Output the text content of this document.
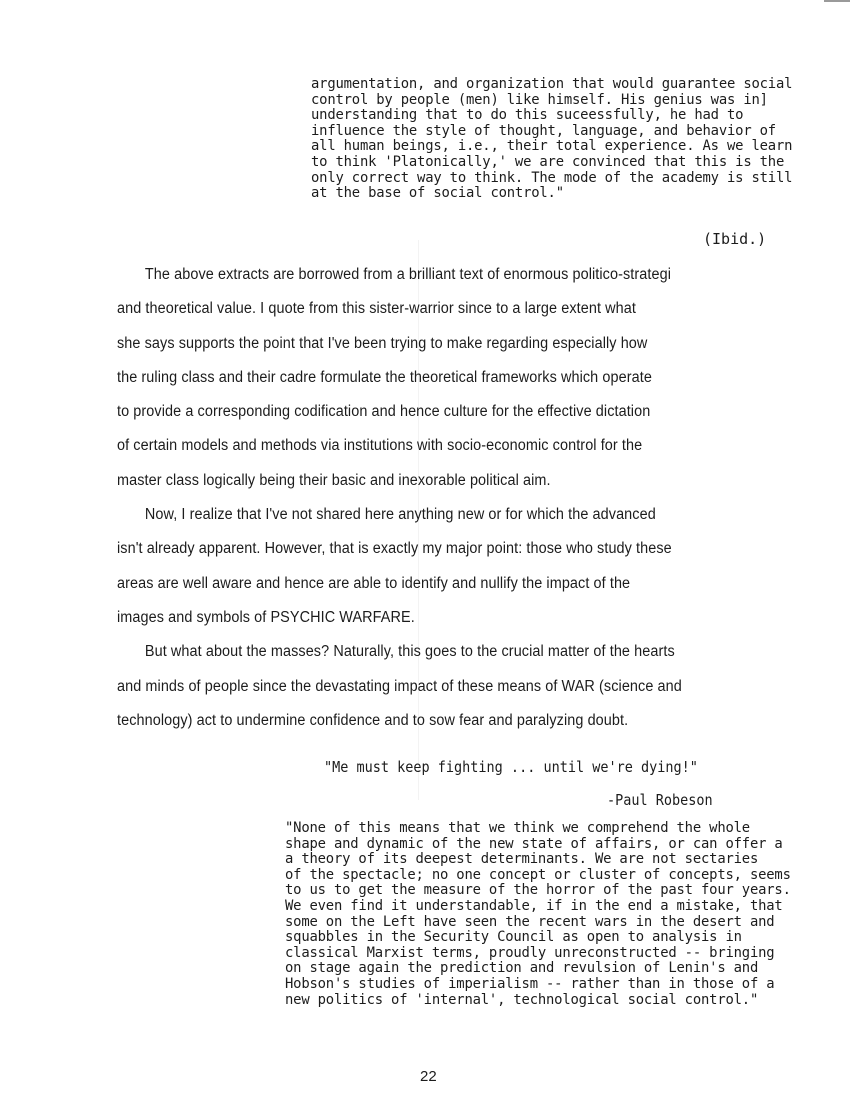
argumentation, and organization that would guarantee social
control by people (men) like himself. His genius was in]
understanding that to do this suceessfully, he had to
influence the style of thought, language, and behavior of
all human beings, i.e., their total experience. As we learn
to think 'Platonically,' we are convinced that this is the
only correct way to think. The mode of the academy is still
at the base of social control."
(Ibid.)
The above extracts are borrowed from a brilliant text of enormous politico-strategi
and theoretical value. I quote from this sister-warrior since to a large extent what
she says supports the point that I've been trying to make regarding especially how
the ruling class and their cadre formulate the theoretical frameworks which operate
to provide a corresponding codification and hence culture for the effective dictation
of certain models and methods via institutions with socio-economic control for the
master class logically being their basic and inexorable political aim.
Now, I realize that I've not shared here anything new or for which the advanced
isn't already apparent. However, that is exactly my major point: those who study these
areas are well aware and hence are able to identify and nullify the impact of the
images and symbols of PSYCHIC WARFARE.
But what about the masses? Naturally, this goes to the crucial matter of the hearts
and minds of people since the devastating impact of these means of WAR (science and
technology) act to undermine confidence and to sow fear and paralyzing doubt.
"Me must keep fighting ... until we're dying!"
-Paul Robeson
"None of this means that we think we comprehend the whole
shape and dynamic of the new state of affairs, or can offer a
a theory of its deepest determinants. We are not sectaries
of the spectacle; no one concept or cluster of concepts, seems
to us to get the measure of the horror of the past four years.
We even find it understandable, if in the end a mistake, that
some on the Left have seen the recent wars in the desert and
squabbles in the Security Council as open to analysis in
classical Marxist terms, proudly unreconstructed -- bringing
on stage again the prediction and revulsion of Lenin's and
Hobson's studies of imperialism -- rather than in those of a
new politics of 'internal', technological social control."
22
